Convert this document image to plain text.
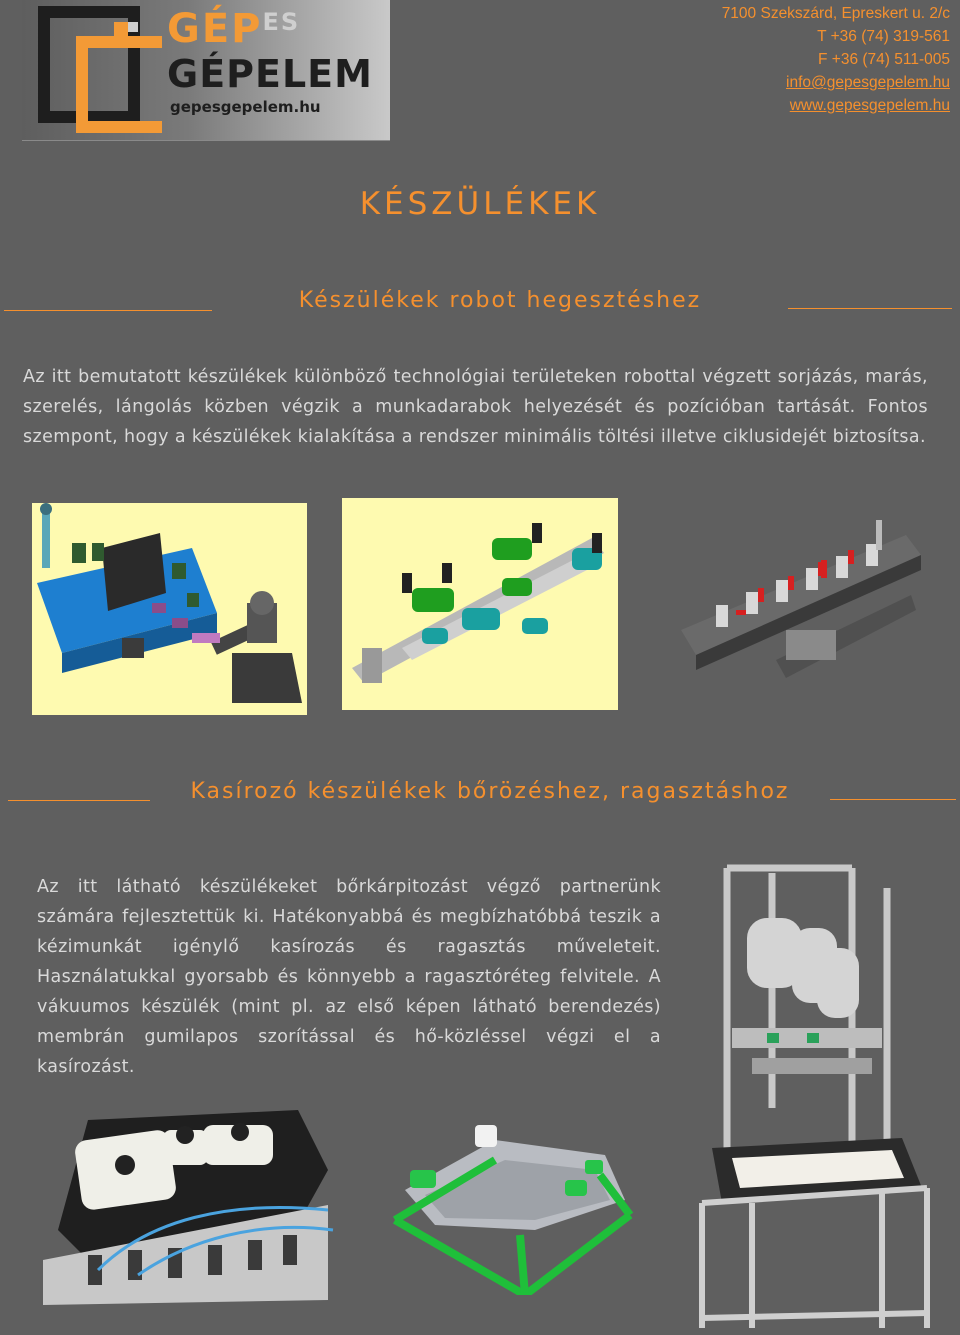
$GÉP^{ES}$
GÉPELEM
gepesgepelem.hu
7100 Szekszárd, Epreskert u. 2/c
T +36 (74) 319-561
F +36 (74) 511-005
info@gepesgepelem.hu
www.gepesgepelem.hu
KÉSZÜLÉKEK
Készülékek robot hegesztéshez
Az itt bemutatott készülékek különböző technológiai területeken robottal végzett sorjázás, marás, szerelés, lángolás közben végzik a munkadarabok helyezését és pozícióban tartását. Fontos szempont, hogy a készülékek kialakítása a rendszer minimális töltési illetve ciklusidejét biztosítsa.
Kasírozó készülékek bőrözéshez, ragasztáshoz
Az itt látható készülékeket bőrkárpitozást végző partnerünk számára fejlesztettük ki. Hatékonyabbá és megbízhatóbbá teszik a kézimunkát igénylő kasírozás és ragasztás műveleteit. Használatukkal gyorsabb és könnyebb a ragasztóréteg felvitele. A vákuumos készülék (mint pl. az első képen látható berendezés) membrán gumilapos szorítással és hő-közléssel végzi el a kasírozást.
